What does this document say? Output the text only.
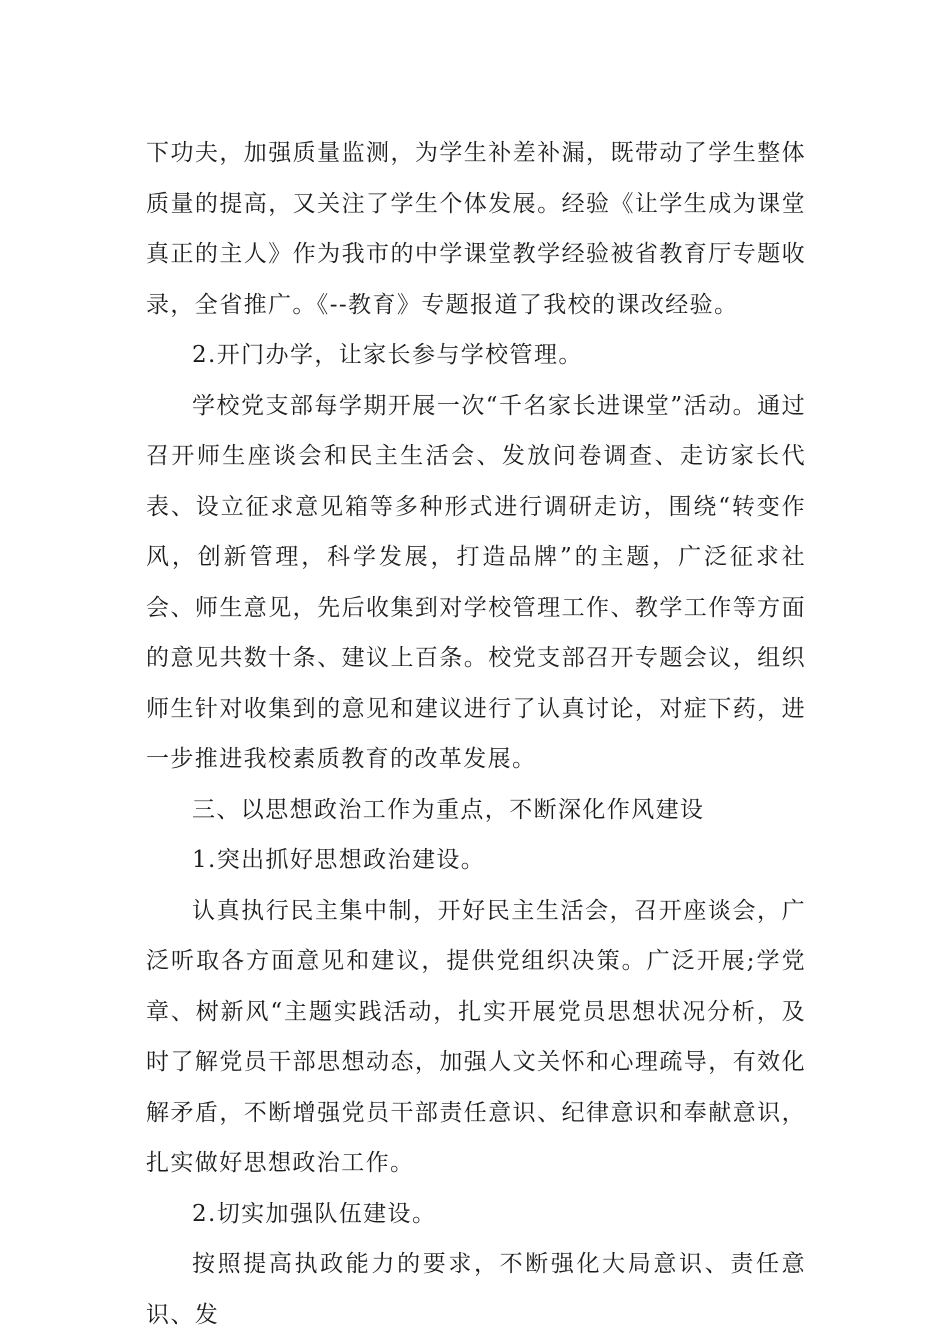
下功夫，加强质量监测，为学生补差补漏，既带动了学生整体质量的提高，又关注了学生个体发展。经验《让学生成为课堂真正的主人》作为我市的中学课堂教学经验被省教育厅专题收录，全省推广。《--教育》专题报道了我校的课改经验。

2.开门办学，让家长参与学校管理。

学校党支部每学期开展一次“千名家长进课堂”活动。通过召开师生座谈会和民主生活会、发放问卷调查、走访家长代表、设立征求意见箱等多种形式进行调研走访，围绕“转变作风，创新管理，科学发展，打造品牌”的主题，广泛征求社会、师生意见，先后收集到对学校管理工作、教学工作等方面的意见共数十条、建议上百条。校党支部召开专题会议，组织师生针对收集到的意见和建议进行了认真讨论，对症下药，进一步推进我校素质教育的改革发展。

三、以思想政治工作为重点，不断深化作风建设

1.突出抓好思想政治建设。

认真执行民主集中制，开好民主生活会，召开座谈会，广泛听取各方面意见和建议，提供党组织决策。广泛开展;学党章、树新风“主题实践活动，扎实开展党员思想状况分析，及时了解党员干部思想动态，加强人文关怀和心理疏导，有效化解矛盾，不断增强党员干部责任意识、纪律意识和奉献意识，扎实做好思想政治工作。

2.切实加强队伍建设。

按照提高执政能力的要求，不断强化大局意识、责任意识、发
